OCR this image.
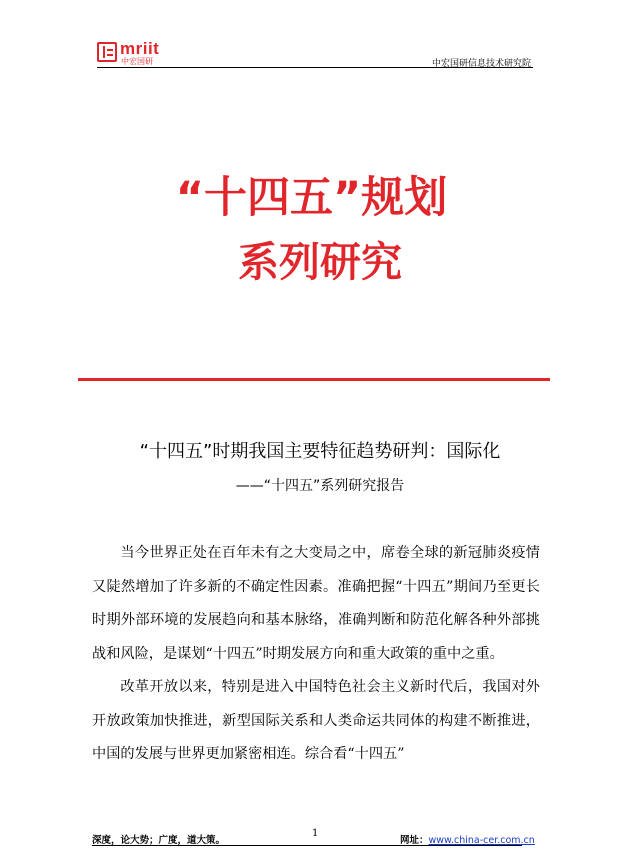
mriit
中宏国研	中宏国研信息技术研究院
“十四五”规划
系列研究
“十四五”时期我国主要特征趋势研判：国际化
——“十四五”系列研究报告

当今世界正处在百年未有之大变局之中，席卷全球的新冠肺炎疫情又陡然增加了许多新的不确定性因素。准确把握“十四五”期间乃至更长时期外部环境的发展趋向和基本脉络，准确判断和防范化解各种外部挑战和风险，是谋划“十四五”时期发展方向和重大政策的重中之重。

改革开放以来，特别是进入中国特色社会主义新时代后，我国对外开放政策加快推进，新型国际关系和人类命运共同体的构建不断推进，中国的发展与世界更加紧密相连。综合看“十四五”

深度，论大势；广度，道大策。
1
网址：www.china-cer.com.cn
